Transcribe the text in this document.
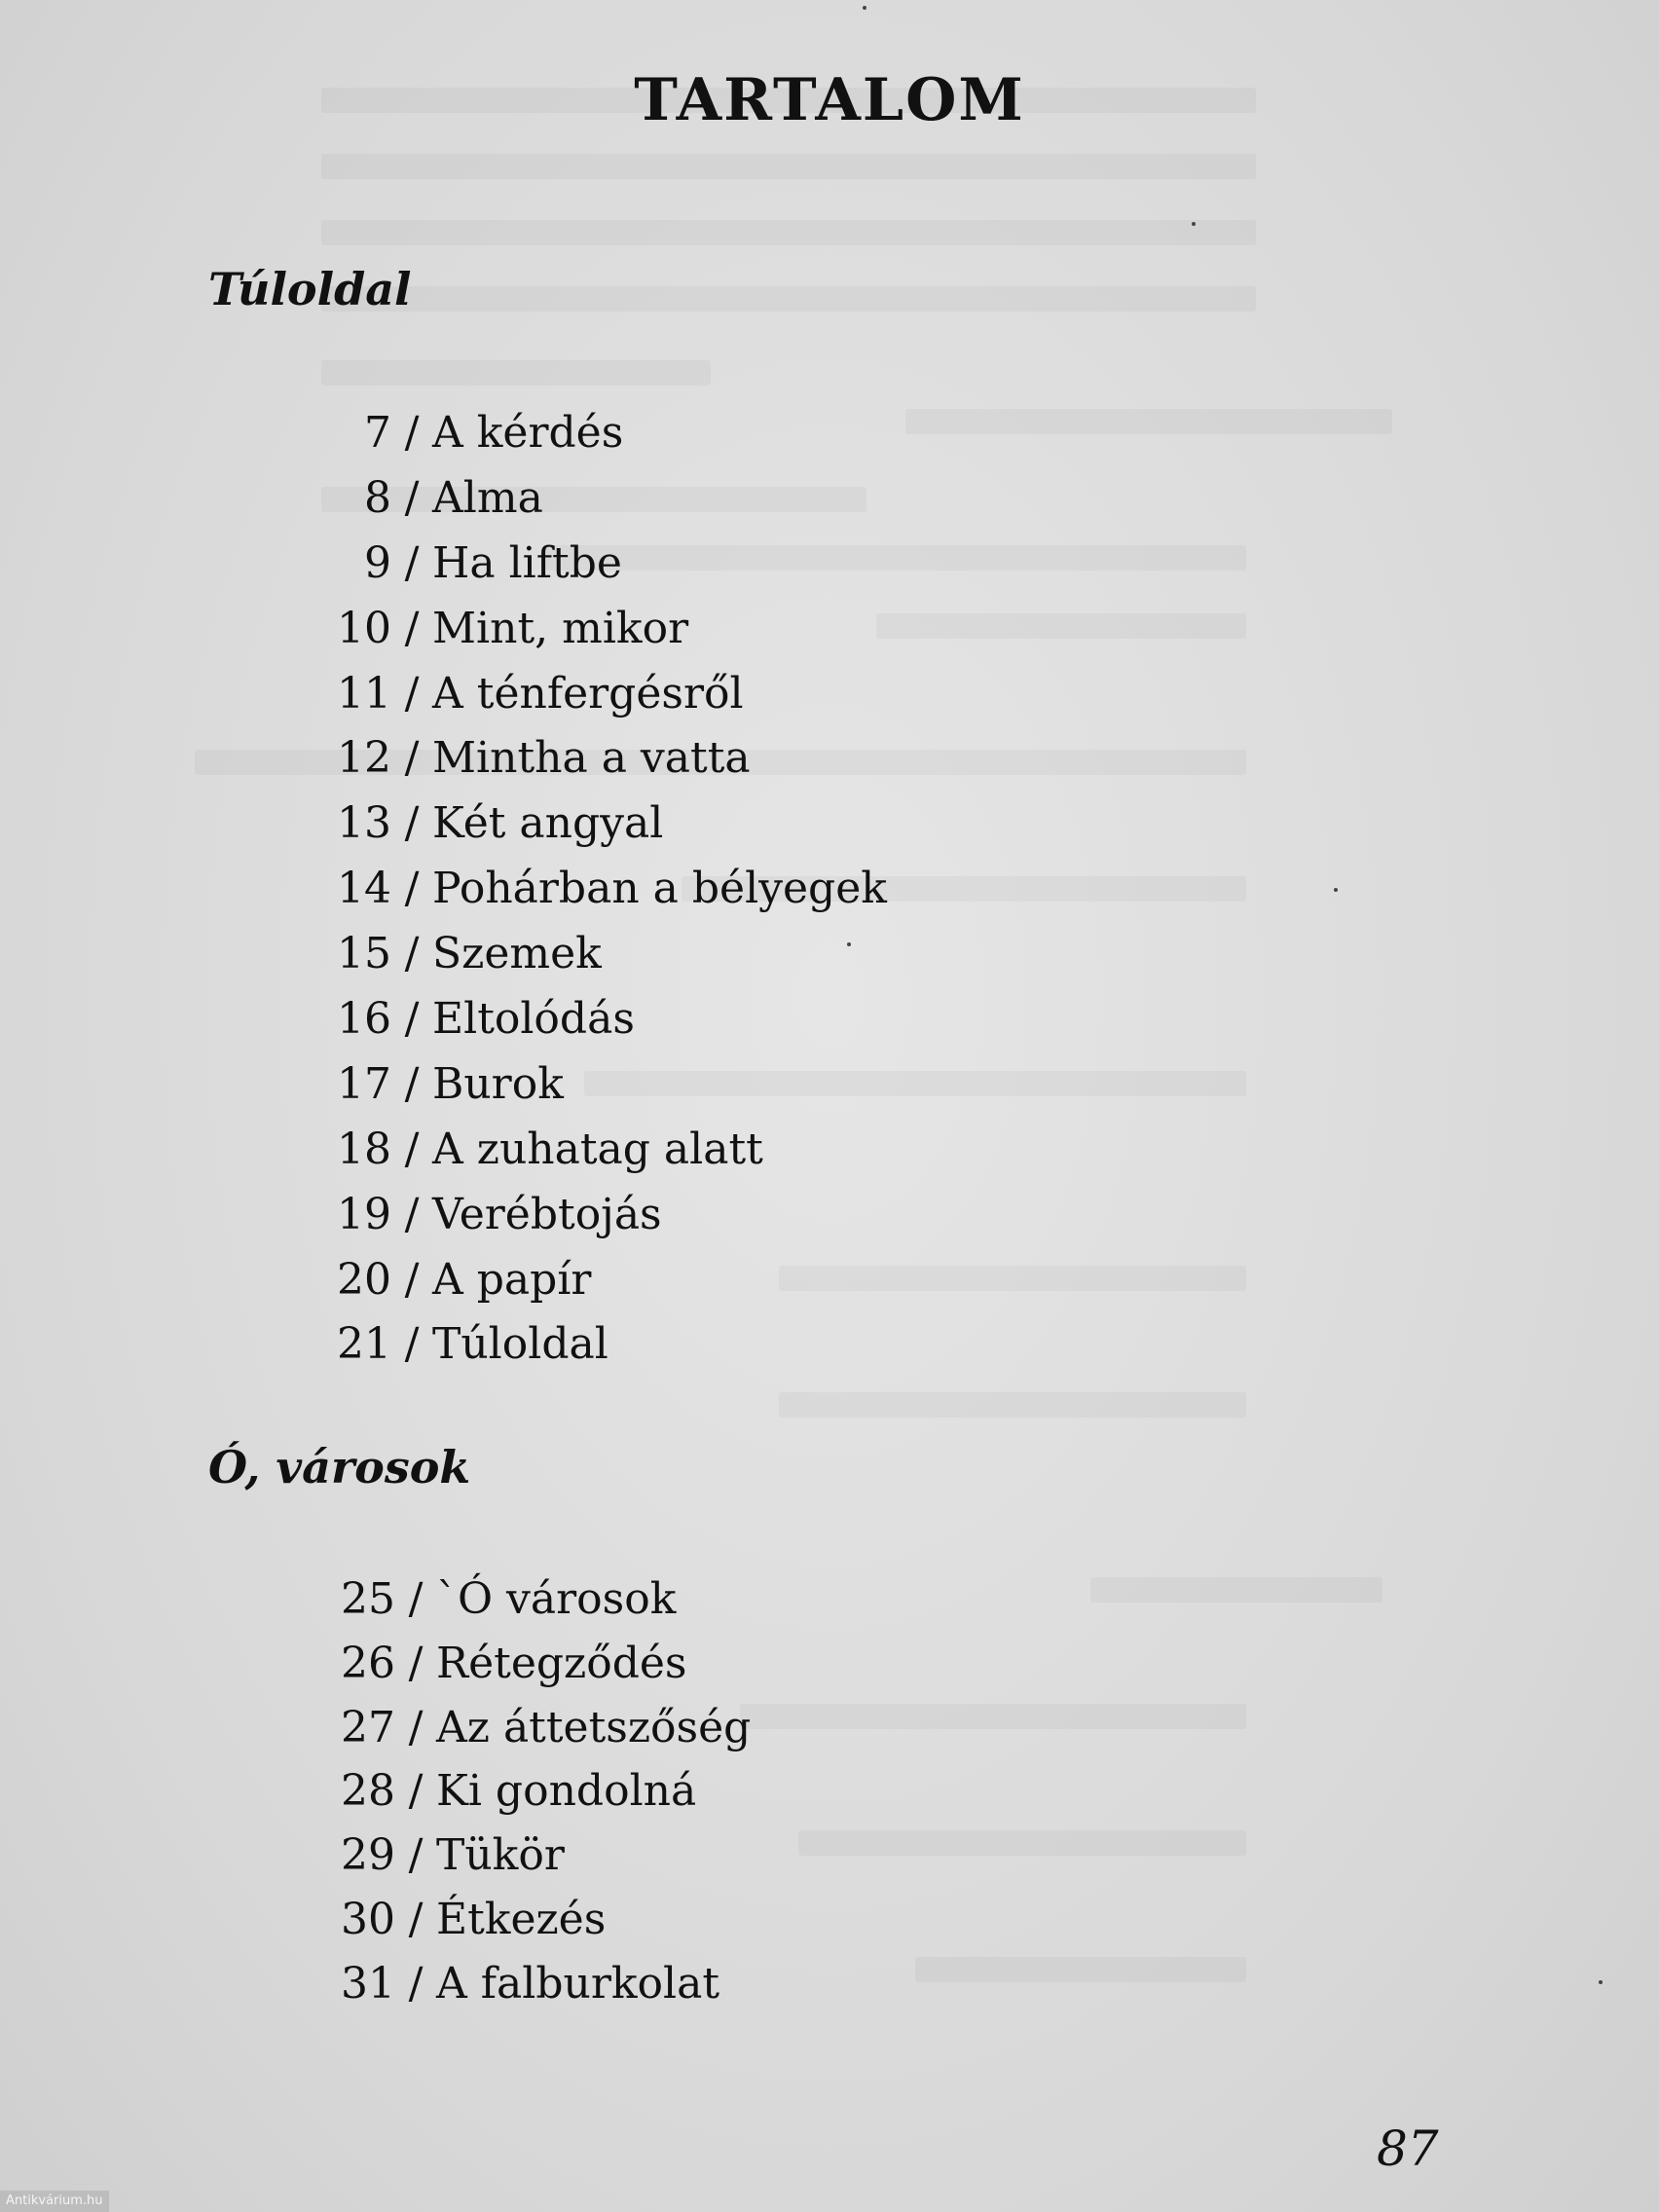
TARTALOM
Túloldal
7 / A kérdés
8 / Alma
9 / Ha liftbe
10 / Mint, mikor
11 / A ténfergésről
12 / Mintha a vatta
13 / Két angyal
14 / Pohárban a bélyegek
15 / Szemek
16 / Eltolódás
17 / Burok
18 / A zuhatag alatt
19 / Verébtojás
20 / A papír
21 / Túloldal
Ó, városok
25 / `Ó városok
26 / Rétegződés
27 / Az áttetszőség
28 / Ki gondolná
29 / Tükör
30 / Étkezés
31 / A falburkolat

87

Antikvárium.hu
